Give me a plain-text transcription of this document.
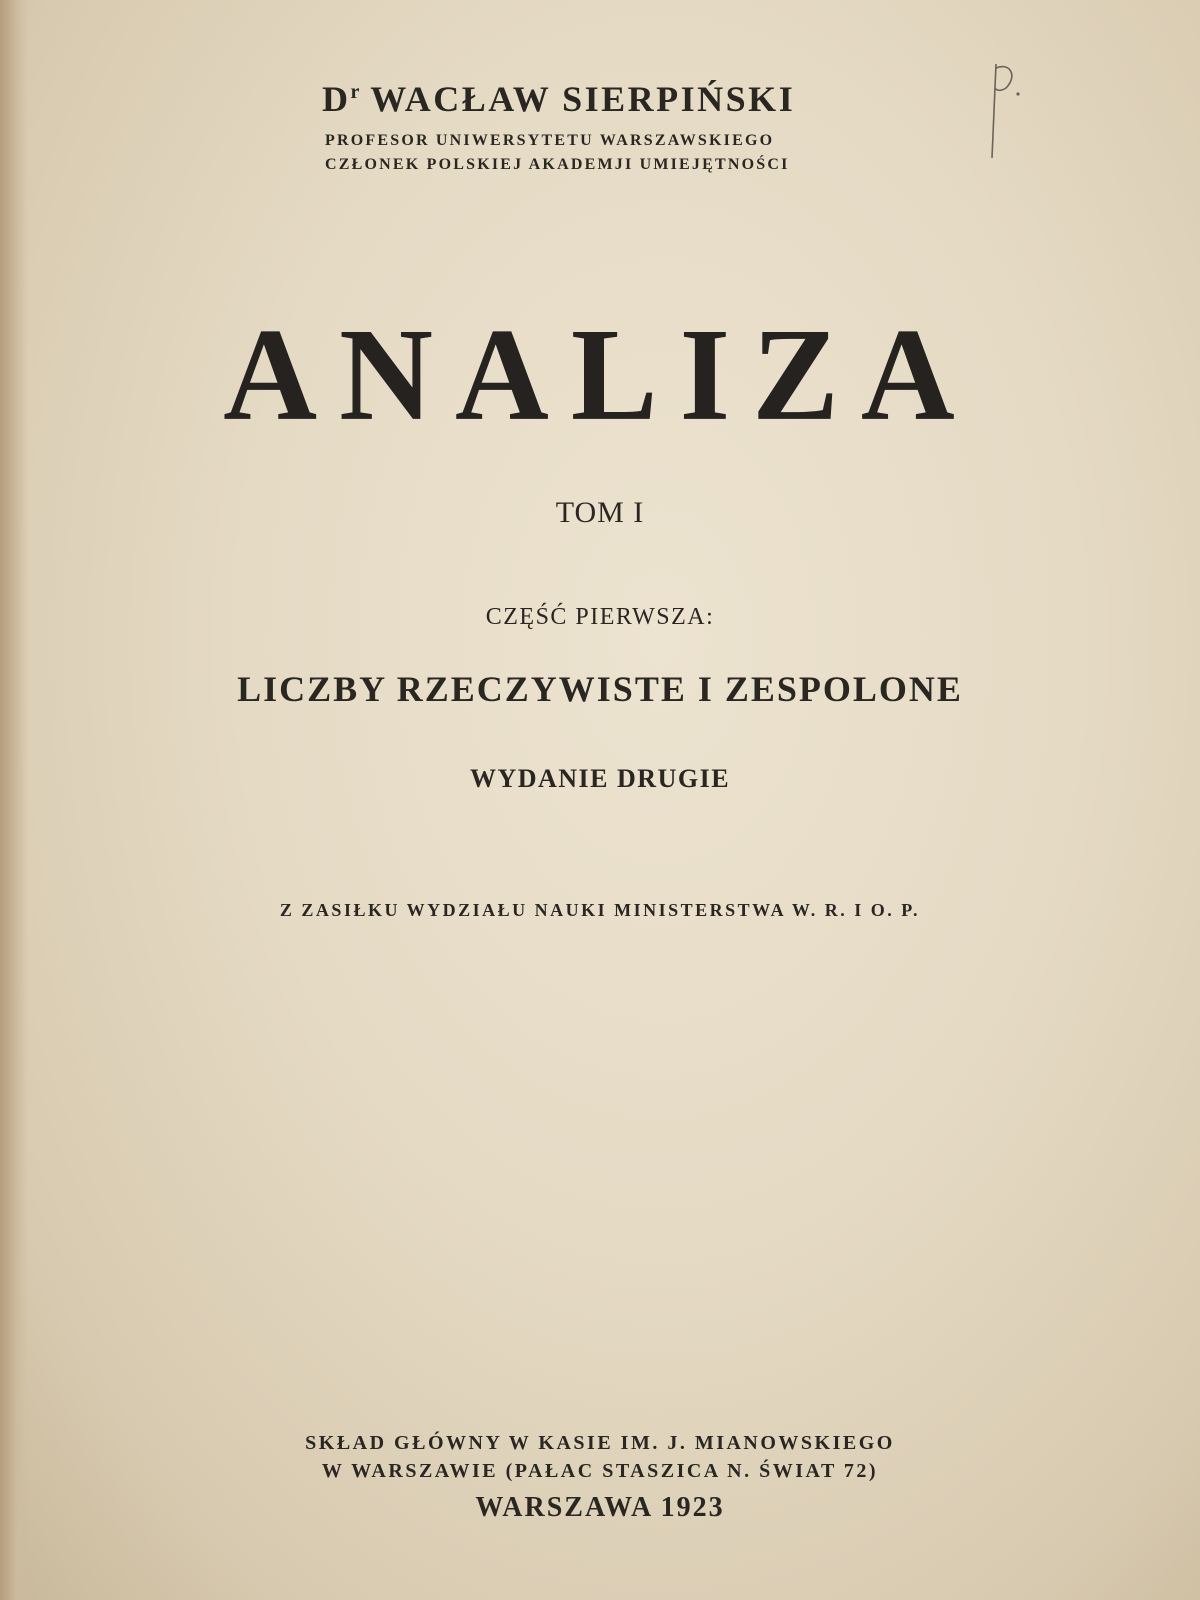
$D^r$ WACŁAW SIERPIŃSKI
PROFESOR UNIWERSYTETU WARSZAWSKIEGO
CZŁONEK POLSKIEJ AKADEMJI UMIEJĘTNOŚCI
ANALIZA
TOM I
CZĘŚĆ PIERWSZA:
LICZBY RZECZYWISTE I ZESPOLONE
WYDANIE DRUGIE
Z ZASIŁKU WYDZIAŁU NAUKI MINISTERSTWA W. R. I O. P.
SKŁAD GŁÓWNY W KASIE IM. J. MIANOWSKIEGO
W WARSZAWIE (PAŁAC STASZICA N. ŚWIAT 72)
WARSZAWA 1923
